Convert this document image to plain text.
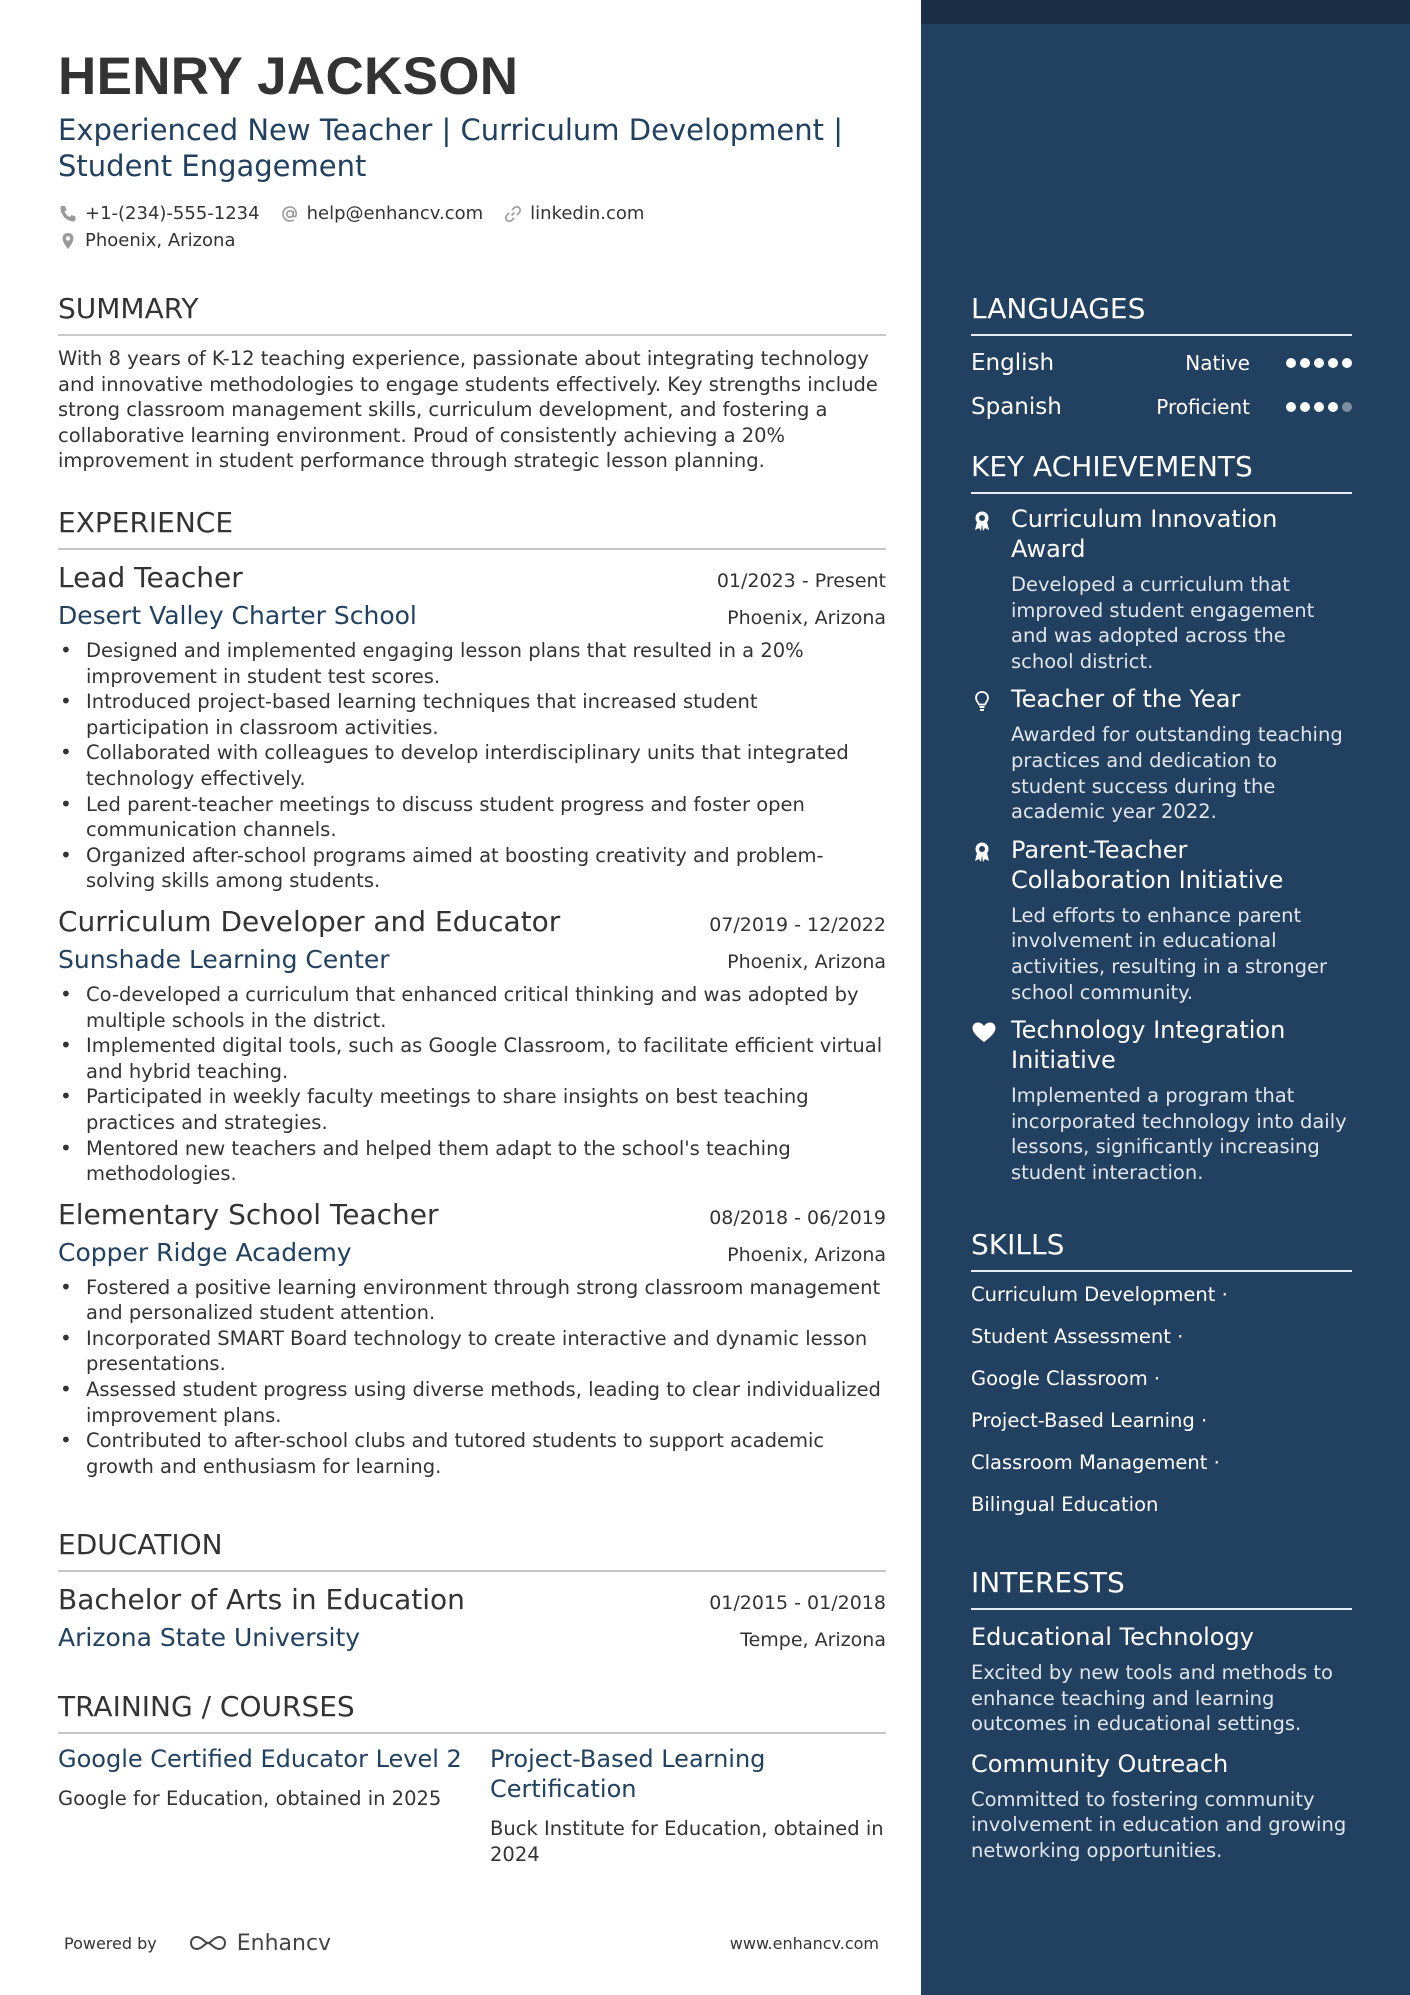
HENRY JACKSON
Experienced New Teacher | Curriculum Development | Student Engagement
+1-(234)-555-1234	help@enhancv.com	linkedin.com
Phoenix, Arizona
SUMMARY
With 8 years of K-12 teaching experience, passionate about integrating technology and innovative methodologies to engage students effectively. Key strengths include strong classroom management skills, curriculum development, and fostering a collaborative learning environment. Proud of consistently achieving a 20% improvement in student performance through strategic lesson planning.
EXPERIENCE
Lead Teacher	01/2023 - Present
Desert Valley Charter School	Phoenix, Arizona
• Designed and implemented engaging lesson plans that resulted in a 20% improvement in student test scores.
• Introduced project-based learning techniques that increased student participation in classroom activities.
• Collaborated with colleagues to develop interdisciplinary units that integrated technology effectively.
• Led parent-teacher meetings to discuss student progress and foster open communication channels.
• Organized after-school programs aimed at boosting creativity and problem-solving skills among students.
Curriculum Developer and Educator	07/2019 - 12/2022
Sunshade Learning Center	Phoenix, Arizona
• Co-developed a curriculum that enhanced critical thinking and was adopted by multiple schools in the district.
• Implemented digital tools, such as Google Classroom, to facilitate efficient virtual and hybrid teaching.
• Participated in weekly faculty meetings to share insights on best teaching practices and strategies.
• Mentored new teachers and helped them adapt to the school's teaching methodologies.
Elementary School Teacher	08/2018 - 06/2019
Copper Ridge Academy	Phoenix, Arizona
• Fostered a positive learning environment through strong classroom management and personalized student attention.
• Incorporated SMART Board technology to create interactive and dynamic lesson presentations.
• Assessed student progress using diverse methods, leading to clear individualized improvement plans.
• Contributed to after-school clubs and tutored students to support academic growth and enthusiasm for learning.
EDUCATION
Bachelor of Arts in Education	01/2015 - 01/2018
Arizona State University	Tempe, Arizona
TRAINING / COURSES
Google Certified Educator Level 2
Google for Education, obtained in 2025
Project-Based Learning Certification
Buck Institute for Education, obtained in 2024
Powered by	Enhancv	www.enhancv.com
LANGUAGES
English	Native
Spanish	Proficient
KEY ACHIEVEMENTS
Curriculum Innovation Award
Developed a curriculum that improved student engagement and was adopted across the school district.
Teacher of the Year
Awarded for outstanding teaching practices and dedication to student success during the academic year 2022.
Parent-Teacher Collaboration Initiative
Led efforts to enhance parent involvement in educational activities, resulting in a stronger school community.
Technology Integration Initiative
Implemented a program that incorporated technology into daily lessons, significantly increasing student interaction.
SKILLS
Curriculum Development ·
Student Assessment ·
Google Classroom ·
Project-Based Learning ·
Classroom Management ·
Bilingual Education
INTERESTS
Educational Technology
Excited by new tools and methods to enhance teaching and learning outcomes in educational settings.
Community Outreach
Committed to fostering community involvement in education and growing networking opportunities.
